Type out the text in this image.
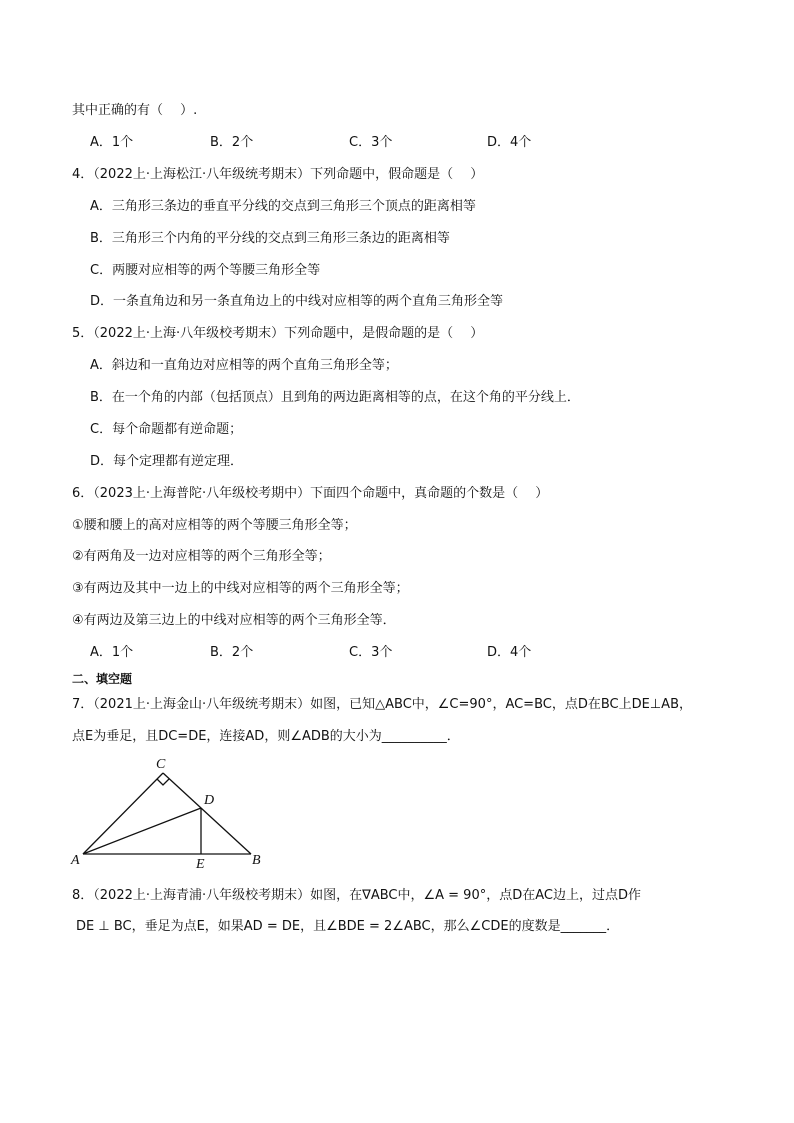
其中正确的有（　 ）.
A．1个	B．2个	C．3个	D．4个
4．（2022上·上海松江·八年级统考期末）下列命题中，假命题是（　 ）
A．三角形三条边的垂直平分线的交点到三角形三个顶点的距离相等
B．三角形三个内角的平分线的交点到三角形三条边的距离相等
C．两腰对应相等的两个等腰三角形全等
D．一条直角边和另一条直角边上的中线对应相等的两个直角三角形全等
5．（2022上·上海·八年级校考期末）下列命题中，是假命题的是（　 ）
A．斜边和一直角边对应相等的两个直角三角形全等；
B．在一个角的内部（包括顶点）且到角的两边距离相等的点，在这个角的平分线上．
C．每个命题都有逆命题；
D．每个定理都有逆定理．
6．（2023上·上海普陀·八年级校考期中）下面四个命题中，真命题的个数是（　 ）
①腰和腰上的高对应相等的两个等腰三角形全等；
②有两角及一边对应相等的两个三角形全等；
③有两边及其中一边上的中线对应相等的两个三角形全等；
④有两边及第三边上的中线对应相等的两个三角形全等．
A．1个	B．2个	C．3个	D．4个
二、填空题
7．（2021上·上海金山·八年级统考期末）如图，已知△ABC中，∠C=90°，AC=BC，点D在BC上DE⊥AB，
点E为垂足，且DC=DE，连接AD，则∠ADB的大小为__________．
C
D
A	E	B
8．（2022上·上海青浦·八年级校考期末）如图，在∇ABC中，∠A = 90°，点D在AC边上，过点D作
DE ⊥ BC，垂足为点E，如果AD = DE，且∠BDE = 2∠ABC，那么∠CDE的度数是_______．
